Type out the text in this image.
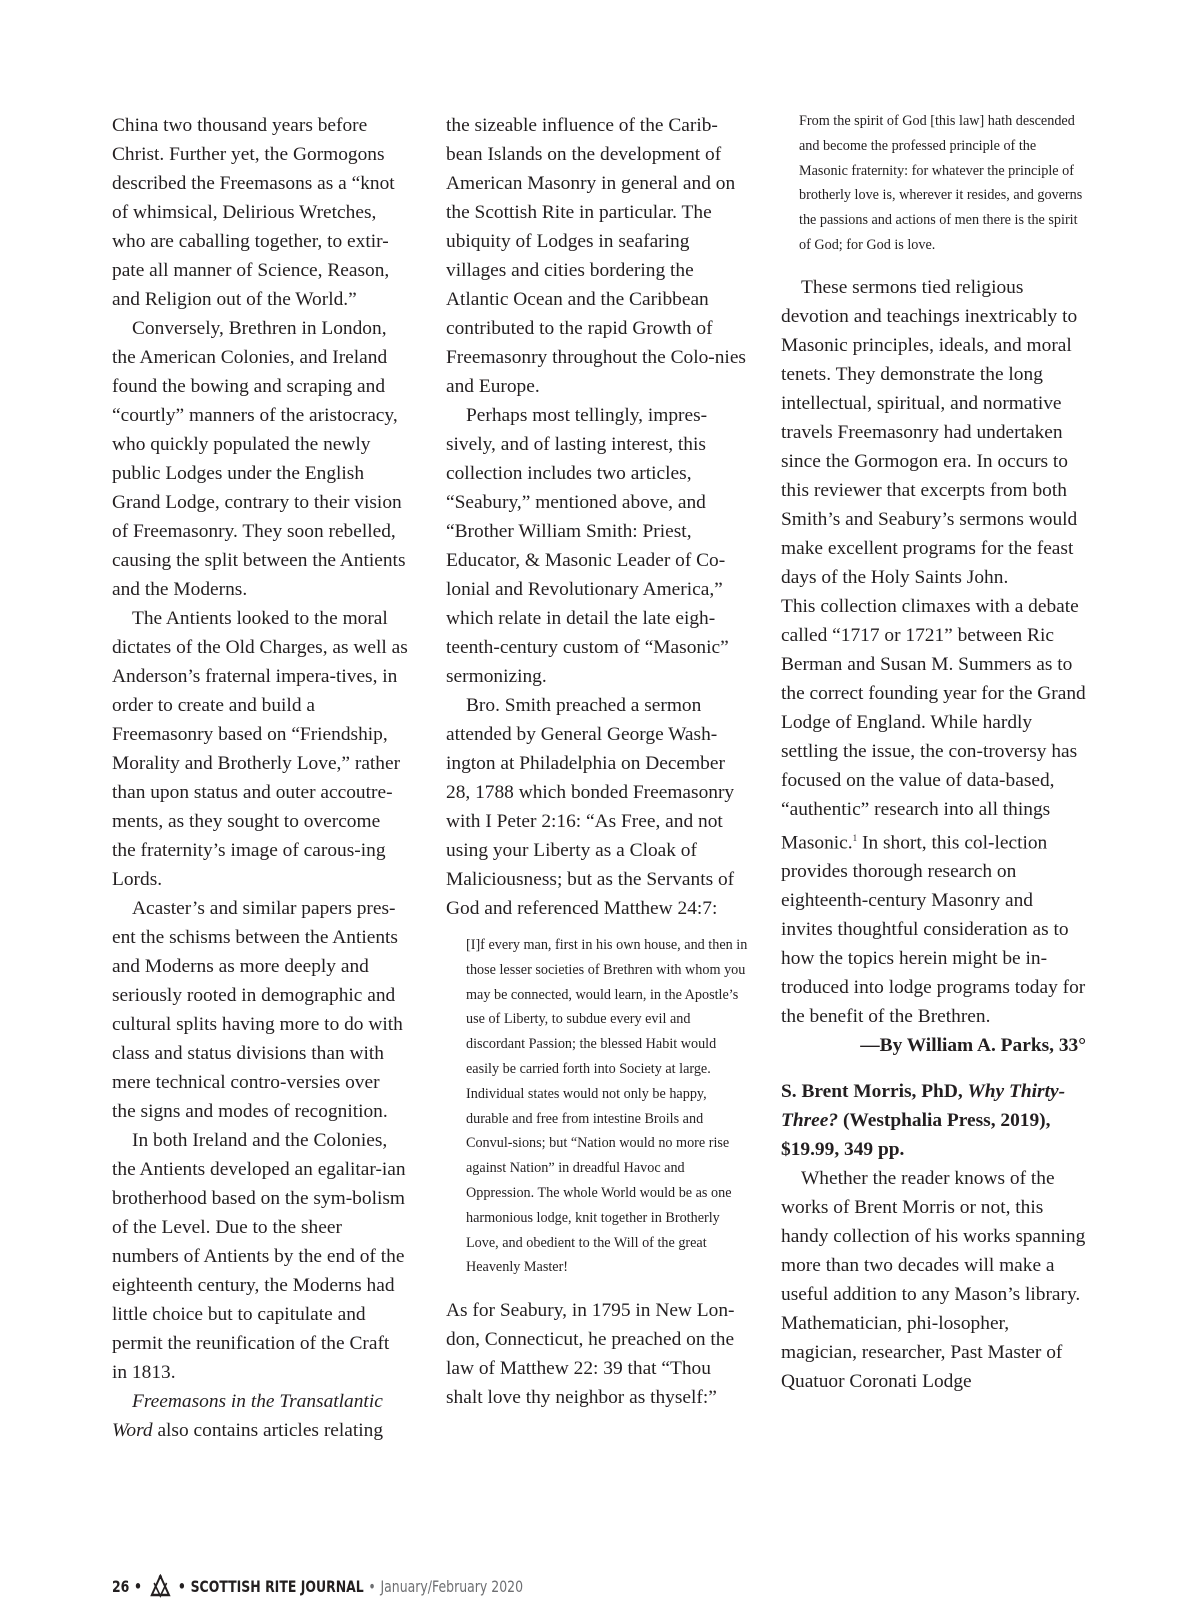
China two thousand years before Christ. Further yet, the Gormogons described the Freemasons as a “knot of whimsical, Delirious Wretches, who are caballing together, to extir-pate all manner of Science, Reason, and Religion out of the World.”

Conversely, Brethren in London, the American Colonies, and Ireland found the bowing and scraping and “courtly” manners of the aristocracy, who quickly populated the newly public Lodges under the English Grand Lodge, contrary to their vision of Freemasonry. They soon rebelled, causing the split between the Antients and the Moderns.

The Antients looked to the moral dictates of the Old Charges, as well as Anderson’s fraternal impera-tives, in order to create and build a Freemasonry based on “Friendship, Morality and Brotherly Love,” rather than upon status and outer accoutre-ments, as they sought to overcome the fraternity’s image of carous-ing Lords.

Acaster’s and similar papers pres-ent the schisms between the Antients and Moderns as more deeply and seriously rooted in demographic and cultural splits having more to do with class and status divisions than with mere technical contro-versies over the signs and modes of recognition.

In both Ireland and the Colonies, the Antients developed an egalitar-ian brotherhood based on the sym-bolism of the Level. Due to the sheer numbers of Antients by the end of the eighteenth century, the Moderns had little choice but to capitulate and permit the reunification of the Craft in 1813.

Freemasons in the Transatlantic Word also contains articles relating

the sizeable influence of the Carib-bean Islands on the development of American Masonry in general and on the Scottish Rite in particular. The ubiquity of Lodges in seafaring villages and cities bordering the Atlantic Ocean and the Caribbean contributed to the rapid Growth of Freemasonry throughout the Colo-nies and Europe.

Perhaps most tellingly, impres-sively, and of lasting interest, this collection includes two articles, “Seabury,” mentioned above, and “Brother William Smith: Priest, Educator, & Masonic Leader of Co-lonial and Revolutionary America,” which relate in detail the late eigh-teenth-century custom of “Masonic” sermonizing.

Bro. Smith preached a sermon attended by General George Wash-ington at Philadelphia on December 28, 1788 which bonded Freemasonry with I Peter 2:16: “As Free, and not using your Liberty as a Cloak of Maliciousness; but as the Servants of God and referenced Matthew 24:7:

[I]f every man, first in his own house, and then in those lesser societies of Brethren with whom you may be connected, would learn, in the Apostle’s use of Liberty, to subdue every evil and discordant Passion; the blessed Habit would easily be carried forth into Society at large. Individual states would not only be happy, durable and free from intestine Broils and Convul-sions; but “Nation would no more rise against Nation” in dreadful Havoc and Oppression. The whole World would be as one harmonious lodge, knit together in Brotherly Love, and obedient to the Will of the great Heavenly Master!

As for Seabury, in 1795 in New Lon-don, Connecticut, he preached on the law of Matthew 22: 39 that “Thou shalt love thy neighbor as thyself:”

From the spirit of God [this law] hath descended and become the professed principle of the Masonic fraternity: for whatever the principle of brotherly love is, wherever it resides, and governs the passions and actions of men there is the spirit of God; for God is love.

These sermons tied religious devotion and teachings inextricably to Masonic principles, ideals, and moral tenets. They demonstrate the long intellectual, spiritual, and normative travels Freemasonry had undertaken since the Gormogon era. In occurs to this reviewer that excerpts from both Smith’s and Seabury’s sermons would make excellent programs for the feast days of the Holy Saints John.

This collection climaxes with a debate called “1717 or 1721” between Ric Berman and Susan M. Summers as to the correct founding year for the Grand Lodge of England. While hardly settling the issue, the con-troversy has focused on the value of data-based, “authentic” research into all things Masonic.$^1$ In short, this col-lection provides thorough research on eighteenth-century Masonry and invites thoughtful consideration as to how the topics herein might be in-troduced into lodge programs today for the benefit of the Brethren.

—By William A. Parks, 33°

S. Brent Morris, PhD, Why Thirty-Three? (Westphalia Press, 2019), $19.99, 349 pp.

Whether the reader knows of the works of Brent Morris or not, this handy collection of his works spanning more than two decades will make a useful addition to any Mason’s library. Mathematician, phi-losopher, magician, researcher, Past Master of Quatuor Coronati Lodge

26 • • SCOTTISH RITE JOURNAL • January/February 2020
